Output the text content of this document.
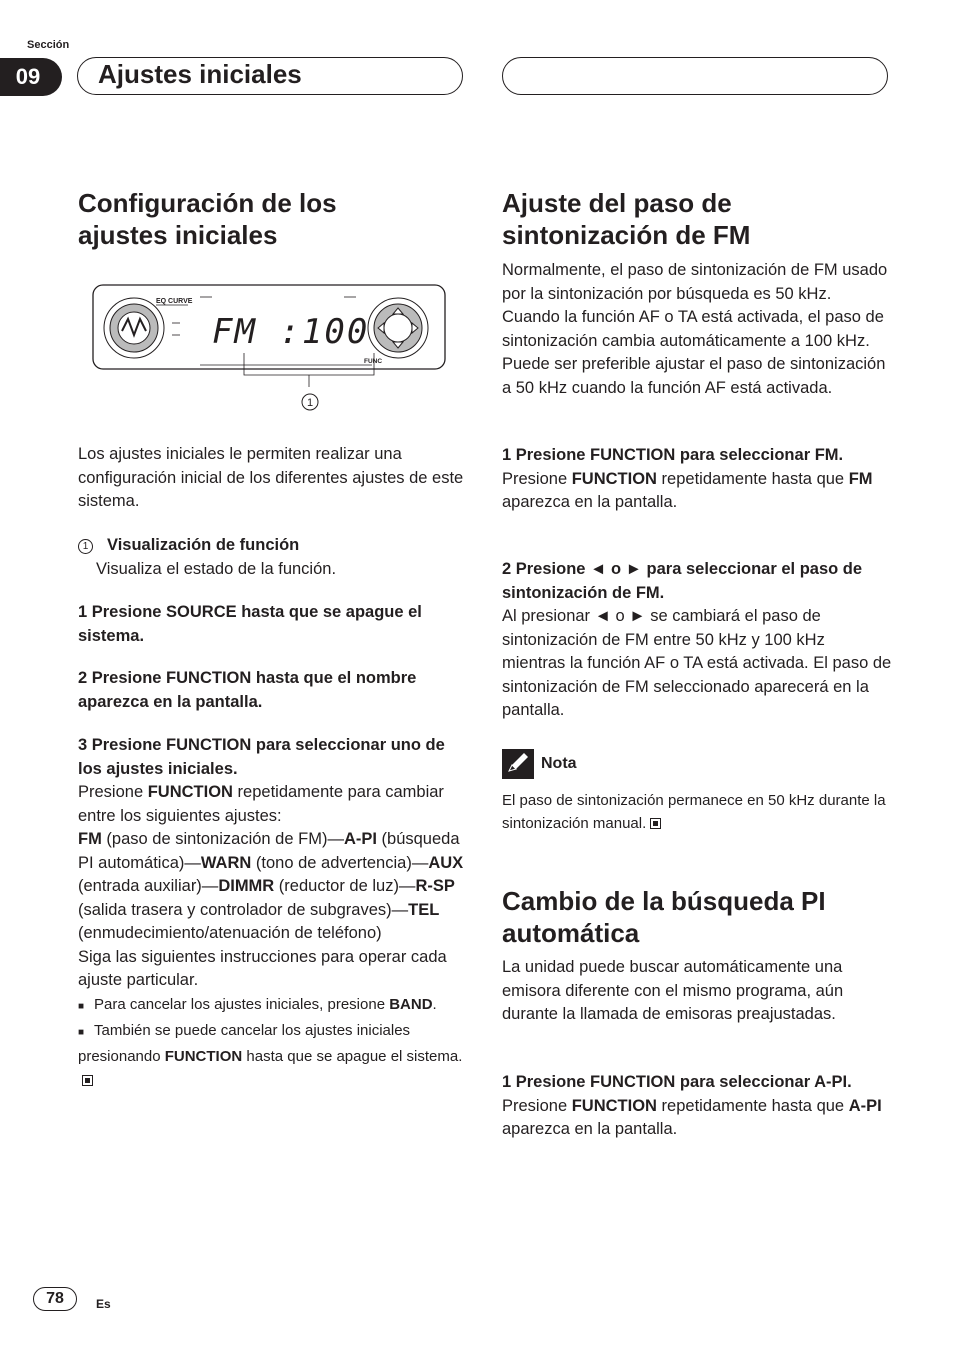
Sección
09	Ajustes iniciales
Configuración de los
ajustes iniciales
EQ CURVE
FM :100
FUNC
1

Los ajustes iniciales le permiten realizar una configuración inicial de los diferentes ajustes de este sistema.

1 Visualización de función

Visualiza el estado de la función.

1 Presione SOURCE hasta que se apague el sistema.
2 Presione FUNCTION hasta que el nombre aparezca en la pantalla.

3 Presione FUNCTION para seleccionar uno de los ajustes iniciales.

Presione FUNCTION repetidamente para cambiar entre los siguientes ajustes:
FM (paso de sintonización de FM)—A-PI (búsqueda PI automática)—WARN (tono de advertencia)—AUX (entrada auxiliar)—DIMMR (reductor de luz)—R-SP (salida trasera y controlador de subgraves)—TEL (enmudecimiento/atenuación de teléfono)

Siga las siguientes instrucciones para operar cada ajuste particular.

■ Para cancelar los ajustes iniciales, presione BAND.

■ También se puede cancelar los ajustes iniciales presionando FUNCTION hasta que se apague el sistema.

Ajuste del paso de
sintonización de FM
Normalmente, el paso de sintonización de FM usado por la sintonización por búsqueda es 50 kHz. Cuando la función AF o TA está activada, el paso de sintonización cambia automáticamente a 100 kHz. Puede ser preferible ajustar el paso de sintonización a 50 kHz cuando la función AF está activada.

1 Presione FUNCTION para seleccionar FM.

Presione FUNCTION repetidamente hasta que FM aparezca en la pantalla.

2 Presione ◄ o ► para seleccionar el paso de sintonización de FM.

Al presionar ◄ o ► se cambiará el paso de sintonización de FM entre 50 kHz y 100 kHz mientras la función AF o TA está activada. El paso de sintonización de FM seleccionado aparecerá en la pantalla.

Nota

El paso de sintonización permanece en 50 kHz durante la sintonización manual.

Cambio de la búsqueda PI
automática
La unidad puede buscar automáticamente una emisora diferente con el mismo programa, aún durante la llamada de emisoras preajustadas.

1 Presione FUNCTION para seleccionar A-PI.

Presione FUNCTION repetidamente hasta que A-PI aparezca en la pantalla.

78	Es
